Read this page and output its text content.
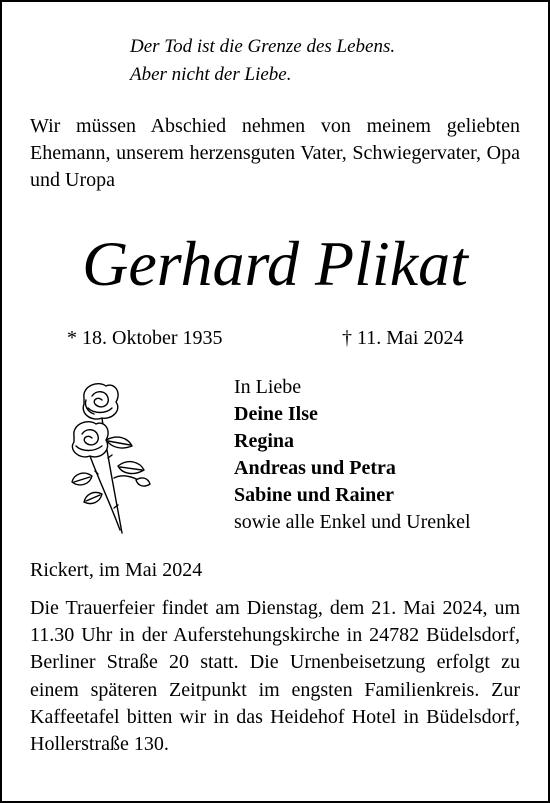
Der Tod ist die Grenze des Lebens.
Aber nicht der Liebe.
Wir müssen Abschied nehmen von meinem geliebten Ehemann, unserem herzensguten Vater, Schwiegervater, Opa und Uropa
Gerhard Plikat
* 18. Oktober 1935	† 11. Mai 2024
In Liebe
Deine Ilse
Regina
Andreas und Petra
Sabine und Rainer
sowie alle Enkel und Urenkel
Rickert, im Mai 2024
Die Trauerfeier findet am Dienstag, dem 21. Mai 2024, um 11.30 Uhr in der Auferstehungskirche in 24782 Büdelsdorf, Berliner Straße 20 statt. Die Urnenbeisetzung erfolgt zu einem späteren Zeitpunkt im engsten Familienkreis. Zur Kaffeetafel bitten wir in das Heidehof Hotel in Büdelsdorf, Hollerstraße 130.
